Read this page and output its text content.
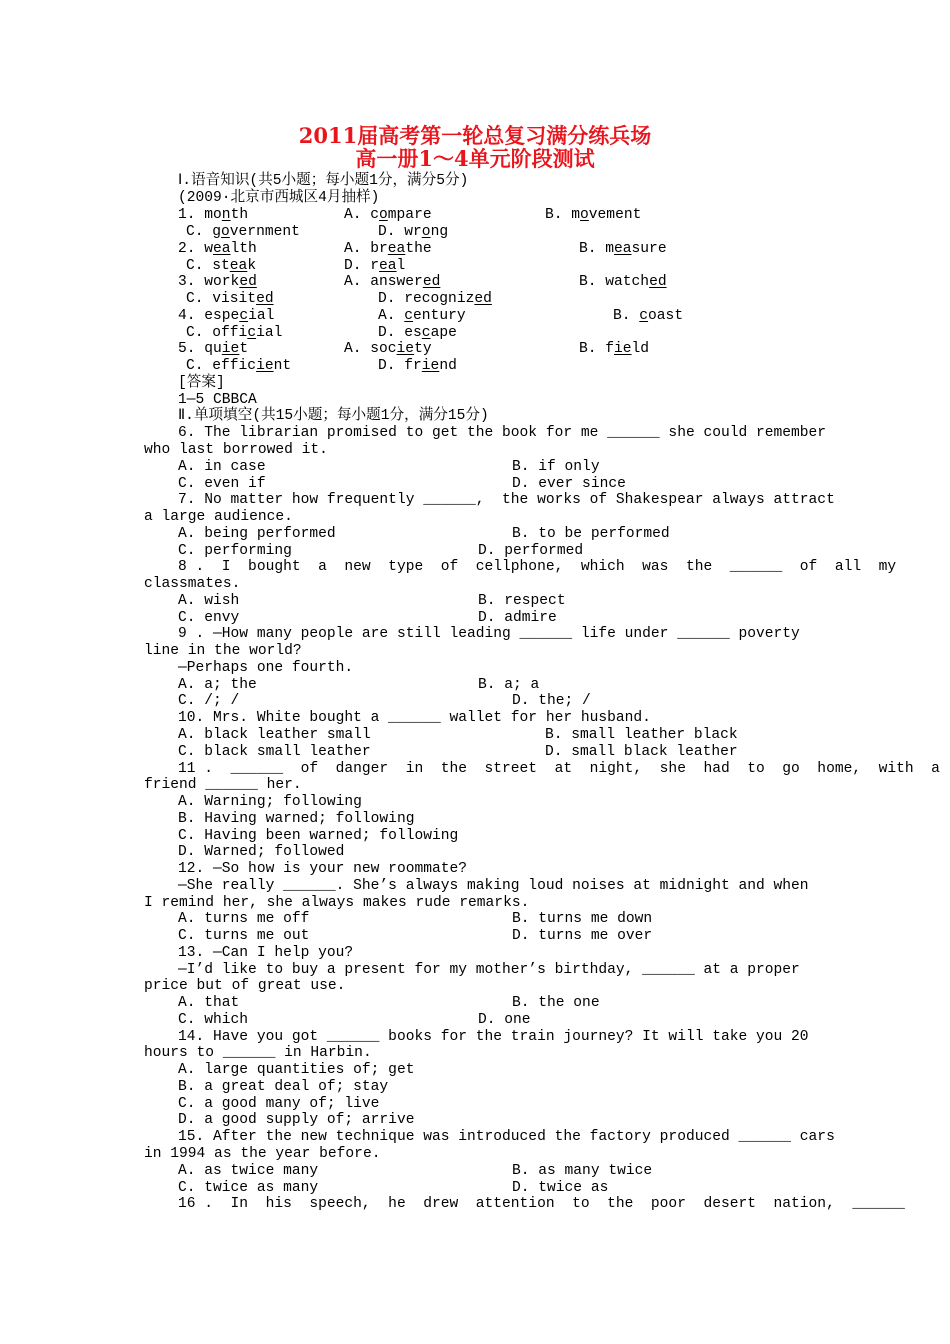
2011届高考第一轮总复习满分练兵场
高一册1～4单元阶段测试
Ⅰ.语音知识(共5小题；每小题1分，满分5分)
(2009·北京市西城区4月抽样)
1. month	A. compare	B. movement
C. government	D. wrong
2. wealth	A. breathe	B. measure
C. steak	D. real
3. worked	A. answered	B. watched
C. visited	D. recognized
4. especial	A. century	B. coast
C. official	D. escape
5. quiet	A. society	B. field
C. efficient	D. friend
[答案]
1—5 CBBCA
Ⅱ.单项填空(共15小题；每小题1分，满分15分)
6. The librarian promised to get the book for me ______ she could remember
who last borrowed it.
A. in case	B. if only
C. even if	D. ever since
7. No matter how frequently ______,  the works of Shakespear always attract
a large audience.
A. being performed	B. to be performed
C. performing	D. performed
8 .  I  bought  a  new  type  of  cellphone,  which  was  the  ______  of  all  my
classmates.
A. wish	B. respect
C. envy	D. admire
9 . —How many people are still leading ______ life under ______ poverty
line in the world?
—Perhaps one fourth.
A. a; the	B. a; a
C. /; /	D. the; /
10. Mrs. White bought a ______ wallet for her husband.
A. black leather small	B. small leather black
C. black small leather	D. small black leather
11 .  ______  of  danger  in  the  street  at  night,  she  had  to  go  home,  with  a
friend ______ her.
A. Warning; following
B. Having warned; following
C. Having been warned; following
D. Warned; followed
12. —So how is your new roommate?
—She really ______. She’s always making loud noises at midnight and when
I remind her, she always makes rude remarks.
A. turns me off	B. turns me down
C. turns me out	D. turns me over
13. —Can I help you?
—I’d like to buy a present for my mother’s birthday, ______ at a proper
price but of great use.
A. that	B. the one
C. which	D. one
14. Have you got ______ books for the train journey? It will take you 20
hours to ______ in Harbin.
A. large quantities of; get
B. a great deal of; stay
C. a good many of; live
D. a good supply of; arrive
15. After the new technique was introduced the factory produced ______ cars
in 1994 as the year before.
A. as twice many	B. as many twice
C. twice as many	D. twice as
16 .  In  his  speech,  he  drew  attention  to  the  poor  desert  nation,  ______
